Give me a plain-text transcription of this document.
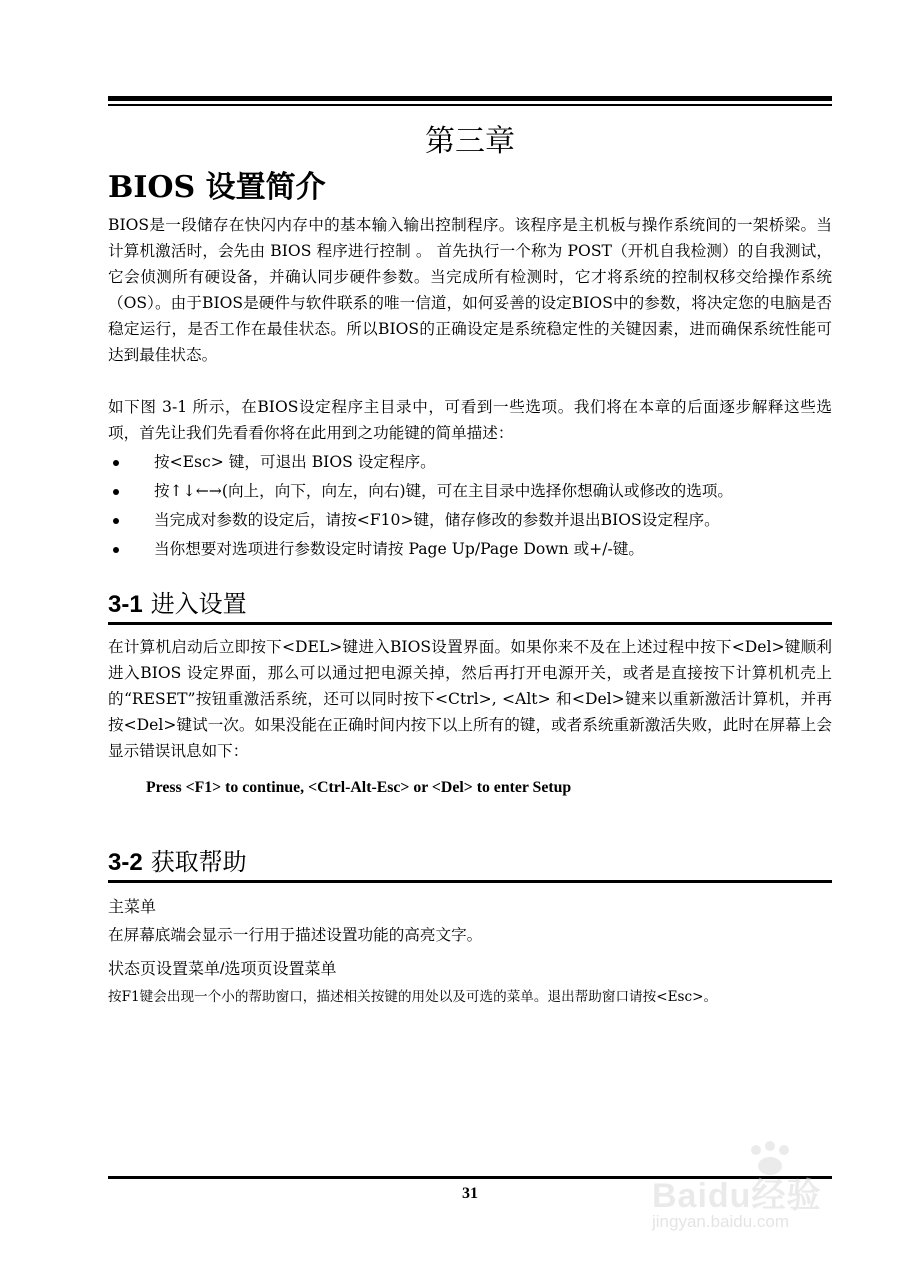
第三章
BIOS 设置简介

BIOS是一段储存在快闪内存中的基本输入输出控制程序。该程序是主机板与操作系统间的一架桥梁。当计算机激活时，会先由 BIOS 程序进行控制 。 首先执行一个称为 POST（开机自我检测）的自我测试，它会侦测所有硬设备，并确认同步硬件参数。当完成所有检测时，它才将系统的控制权移交给操作系统（OS）。由于BIOS是硬件与软件联系的唯一信道，如何妥善的设定BIOS中的参数，将决定您的电脑是否稳定运行，是否工作在最佳状态。所以BIOS的正确设定是系统稳定性的关键因素，进而确保系统性能可达到最佳状态。

如下图 3-1 所示，在BIOS设定程序主目录中，可看到一些选项。我们将在本章的后面逐步解释这些选项，首先让我们先看看你将在此用到之功能键的简单描述：

按<Esc> 键，可退出 BIOS 设定程序。
按↑↓←→(向上，向下，向左，向右)键，可在主目录中选择你想确认或修改的选项。
当完成对参数的设定后，请按<F10>键，储存修改的参数并退出BIOS设定程序。
当你想要对选项进行参数设定时请按 Page Up/Page Down 或+/-键。
3-1 进入设置

在计算机启动后立即按下<DEL>键进入BIOS设置界面。如果你来不及在上述过程中按下<Del>键顺利进入BIOS 设定界面，那么可以通过把电源关掉，然后再打开电源开关，或者是直接按下计算机机壳上的“RESET”按钮重激活系统，还可以同时按下<Ctrl>, <Alt> 和<Del>键来以重新激活计算机，并再按<Del>键试一次。如果没能在正确时间内按下以上所有的键，或者系统重新激活失败，此时在屏幕上会显示错误讯息如下：

Press <F1> to continue, <Ctrl-Alt-Esc> or <Del> to enter Setup
3-2 获取帮助
主菜单
在屏幕底端会显示一行用于描述设置功能的高亮文字。
状态页设置菜单/选项页设置菜单
按F1键会出现一个小的帮助窗口，描述相关按键的用处以及可选的菜单。退出帮助窗口请按<Esc>。
31	Baidu经验
jingyan.baidu.com
